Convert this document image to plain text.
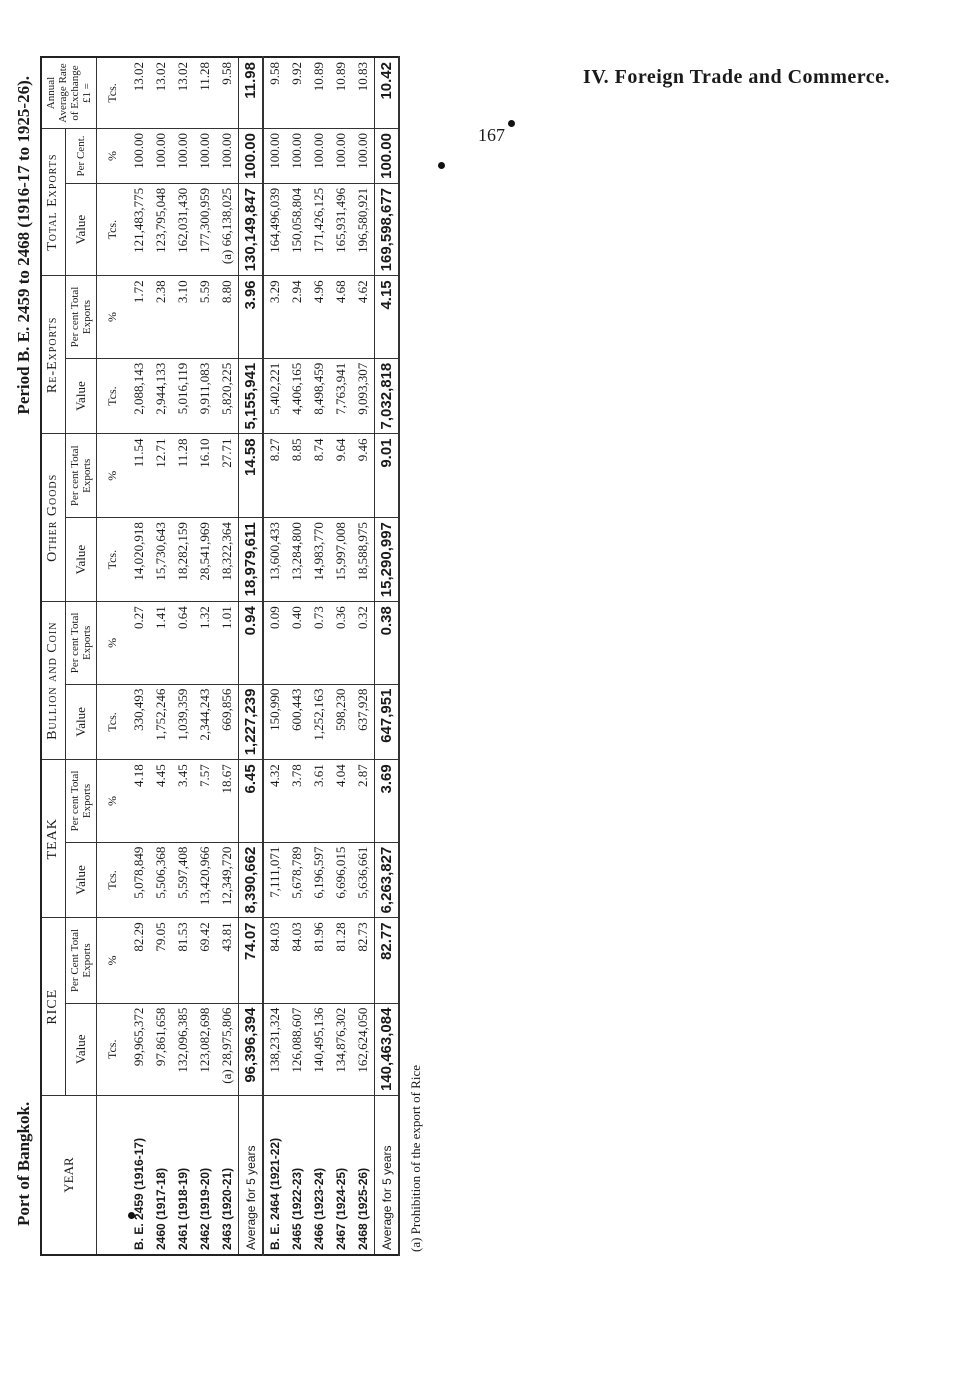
IV. Foreign Trade and Commerce.
167
Port of Bangkok.
Period B. E. 2459 to 2468 (1916-17 to 1925-26).
YEAR	RICE		TEAK		Bullion and Coin		Other Goods		Re-Exports		Total Exports		Annual Average Rate of Exchange £1 =
	Value	Per Cent Total Exports	Value	Per cent Total Exports	Value	Per cent Total Exports	Value	Per cent Total Exports	Value	Per cent Total Exports	Value	Per Cent.	
	Tcs.	%	Tcs.	%	Tcs.	%	Tcs.	%	Tcs.	%	Tcs.	%	Tcs.
B. E. 2459 (1916-17)	99,965,372	82.29	5,078,849	4.18	330,493	0.27	14,020,918	11.54	2,088,143	1.72	121,483,775	100.00	13.02
2460 (1917-18)	97,861,658	79.05	5,506,368	4.45	1,752,246	1.41	15,730,643	12.71	2,944,133	2.38	123,795,048	100.00	13.02
2461 (1918-19)	132,096,385	81.53	5,597,408	3.45	1,039,359	0.64	18,282,159	11.28	5,016,119	3.10	162,031,430	100.00	13.02
2462 (1919-20)	123,082,698	69.42	13,420,966	7.57	2,344,243	1.32	28,541,969	16.10	9,911,083	5.59	177,300,959	100.00	11.28
2463 (1920-21)	(a) 28,975,806	43.81	12,349,720	18.67	669,856	1.01	18,322,364	27.71	5,820,225	8.80	(a) 66,138,025	100.00	9.58
Average for 5 years	96,396,394	74.07	8,390,662	6.45	1,227,239	0.94	18,979,611	14.58	5,155,941	3.96	130,149,847	100.00	11.98
B. E. 2464 (1921-22)	138,231,324	84.03	7,111,071	4.32	150,990	0.09	13,600,433	8.27	5,402,221	3.29	164,496,039	100.00	9.58
2465 (1922-23)	126,088,607	84.03	5,678,789	3.78	600,443	0.40	13,284,800	8.85	4,406,165	2.94	150,058,804	100.00	9.92
2466 (1923-24)	140,495,136	81.96	6,196,597	3.61	1,252,163	0.73	14,983,770	8.74	8,498,459	4.96	171,426,125	100.00	10.89
2467 (1924-25)	134,876,302	81.28	6,696,015	4.04	598,230	0.36	15,997,008	9.64	7,763,941	4.68	165,931,496	100.00	10.89
2468 (1925-26)	162,624,050	82.73	5,636,661	2.87	637,928	0.32	18,588,975	9.46	9,093,307	4.62	196,580,921	100.00	10.83
Average for 5 years	140,463,084	82.77	6,263,827	3.69	647,951	0.38	15,290,997	9.01	7,032,818	4.15	169,598,677	100.00	10.42
(a) Prohibition of the export of Rice
